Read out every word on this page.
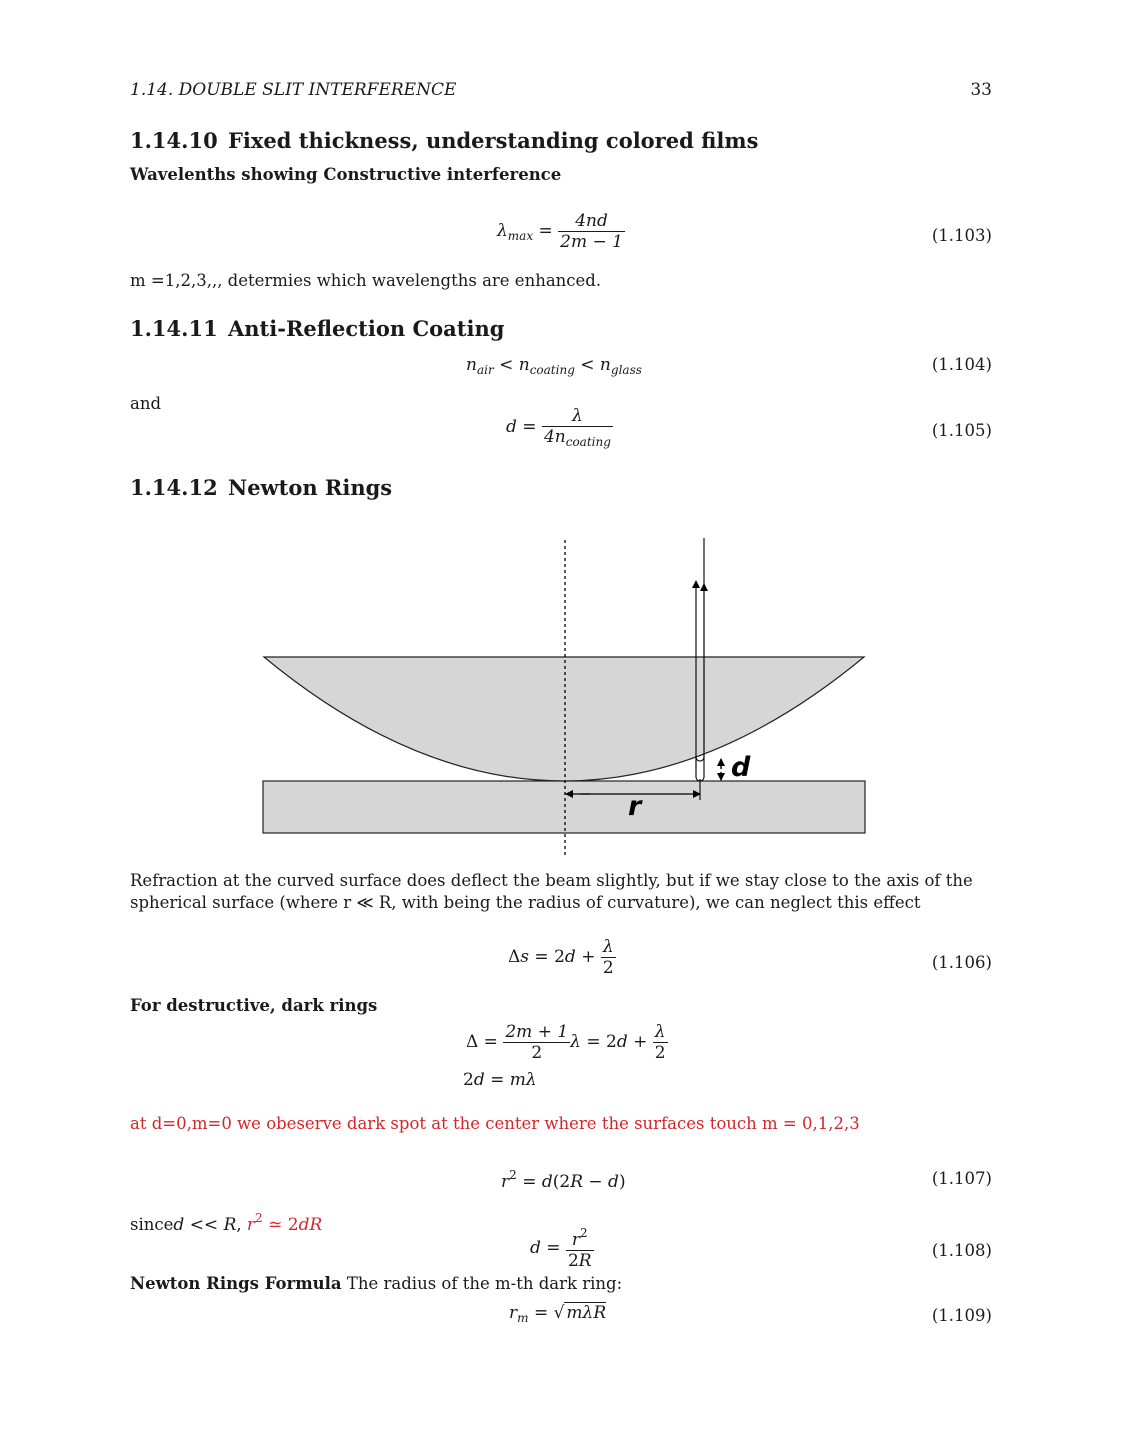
1.14. DOUBLE SLIT INTERFERENCE	33
1.14.10 Fixed thickness, understanding colored films
Wavelenths showing Constructive interference
$\lambda_{max} = \frac{4nd}{2m - 1}$	(1.103)
m =1,2,3,,, determies which wavelengths are enhanced.
1.14.11 Anti-Reflection Coating
$n_{air} < n_{coating} < n_{glass}$	(1.104)
and
$d = \frac{\lambda}{4n_{coating}}$	(1.105)
1.14.12 Newton Rings
d
r
Refraction at the curved surface does deflect the beam slightly, but if we stay close to the axis of the spherical surface (where r ≪ R, with being the radius of curvature), we can neglect this effect
$\Delta s = 2d + \frac{\lambda}{2}$	(1.106)
For destructive, dark rings
$\Delta = \frac{2m + 1}{2}$ $\lambda = 2d + \frac{\lambda}{2}$
2d = mλ
at d=0,m=0 we obeserve dark spot at the center where the surfaces touch m = 0,1,2,3
$r^2 = d(2R - d)$	(1.107)
sinced << R, $r^2$ ≃ 2dR
$d = \frac{r^2}{2R}$	(1.108)
Newton Rings Formula The radius of the m-th dark ring:
$r_m$ = √ mλR	(1.109)
